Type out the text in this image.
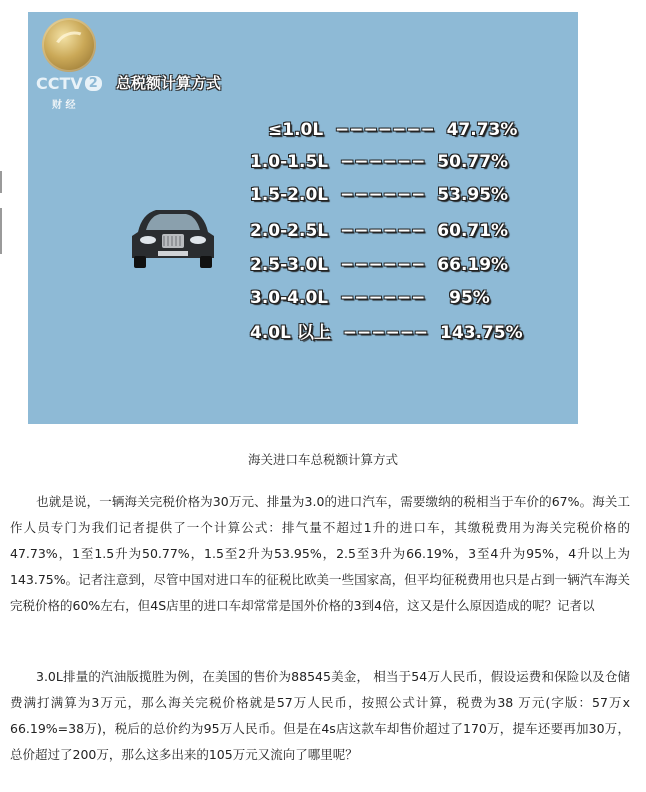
CCTV 2
财 经
总税额计算方式
≤1.0L  −−−−−−−  47.73%
1.0-1.5L  −−−−−−  50.77%
1.5-2.0L  −−−−−−  53.95%
2.0-2.5L  −−−−−−  60.71%
2.5-3.0L  −−−−−−  66.19%
3.0-4.0L  −−−−−−    95%
4.0L 以上  −−−−−−  143.75%
海关进口车总税额计算方式
也就是说，一辆海关完税价格为30万元、排量为3.0的进口汽车，需要缴纳的税相当于车价的67%。海关工作人员专门为我们记者提供了一个计算公式：排气量不超过1升的进口车，其缴税费用为海关完税价格的 47.73%，1至1.5升为50.77%，1.5至2升为53.95%，2.5至3升为66.19%，3至4升为95%，4升以上为143.75%。记者注意到，尽管中国对进口车的征税比欧美一些国家高，但平均征税费用也只是占到一辆汽车海关完税价格的60%左右，但4S店里的进口车却常常是国外价格的3到4倍，这又是什么原因造成的呢？记者以
3.0L排量的汽油版揽胜为例，在美国的售价为88545美金， 相当于54万人民币，假设运费和保险以及仓储费满打满算为3万元，那么海关完税价格就是57万人民币，按照公式计算，税费为38 万元(字版：57万x 66.19%=38万)，税后的总价约为95万人民币。但是在4s店这款车却售价超过了170万，提车还要再加30万，总价超过了200万，那么这多出来的105万元又流向了哪里呢？
